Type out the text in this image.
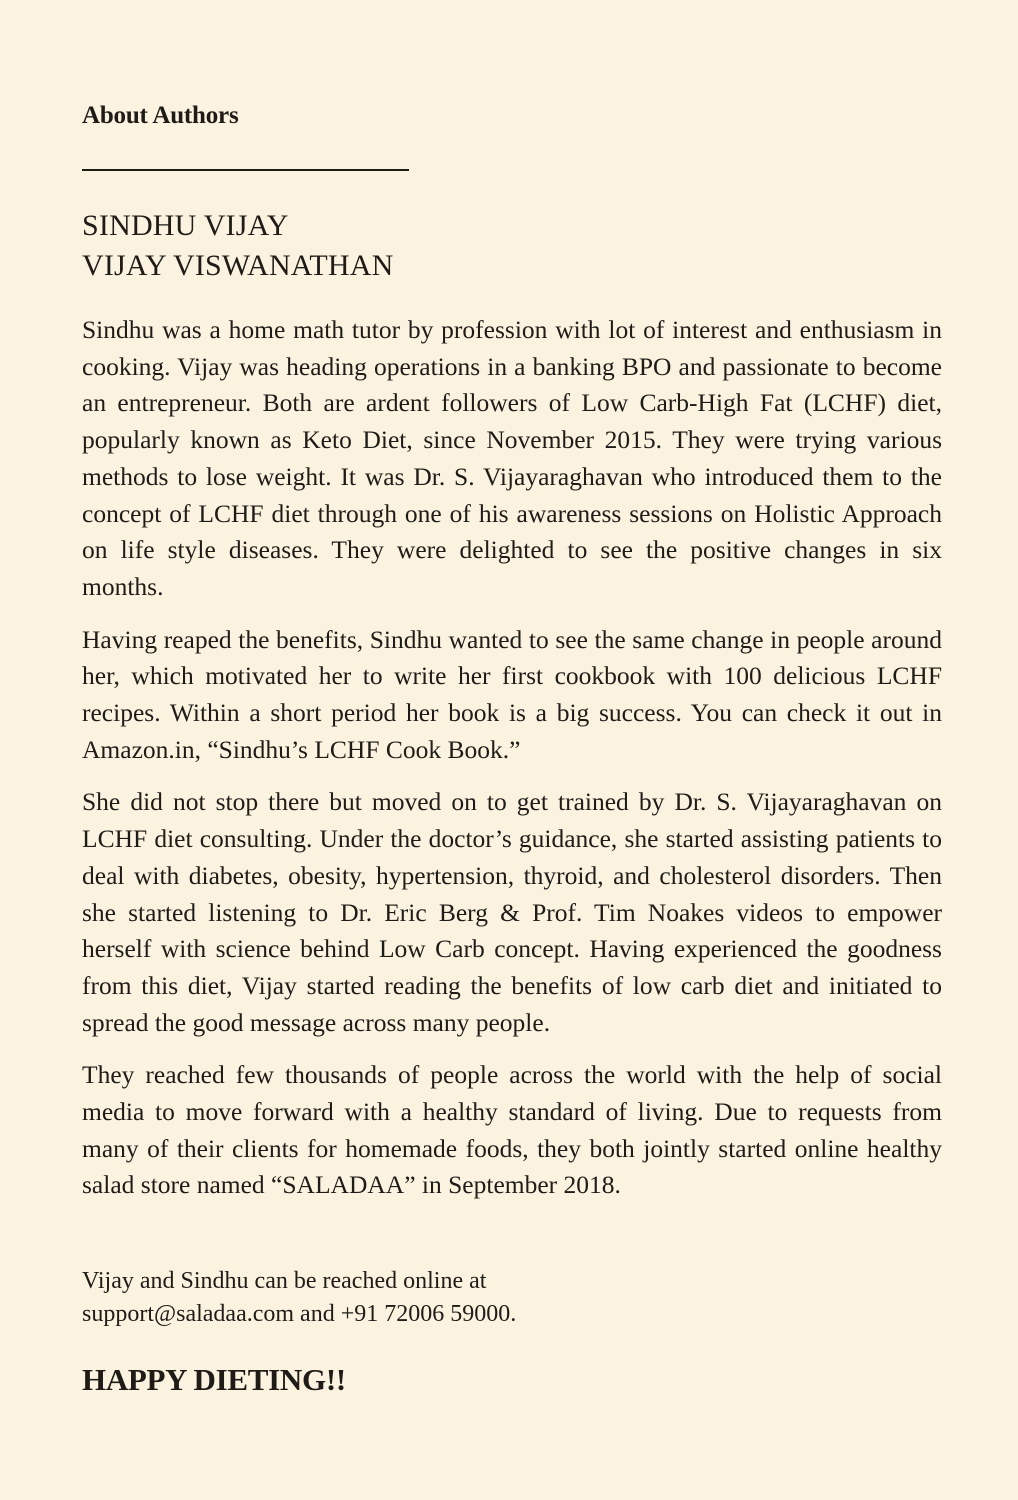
About Authors
SINDHU VIJAY
VIJAY VISWANATHAN

Sindhu was a home math tutor by profession with lot of interest and enthusiasm in cooking. Vijay was heading operations in a banking BPO and passionate to become an entrepreneur. Both are ardent followers of Low Carb-High Fat (LCHF) diet, popularly known as Keto Diet, since November 2015. They were trying various methods to lose weight. It was Dr. S. Vijayaraghavan who introduced them to the concept of LCHF diet through one of his awareness sessions on Holistic Approach on life style diseases. They were delighted to see the positive changes in six months.

Having reaped the benefits, Sindhu wanted to see the same change in people around her, which motivated her to write her first cookbook with 100 delicious LCHF recipes. Within a short period her book is a big success. You can check it out in Amazon.in, “Sindhu’s LCHF Cook Book.”

She did not stop there but moved on to get trained by Dr. S. Vijayaraghavan on LCHF diet consulting. Under the doctor’s guidance, she started assisting patients to deal with diabetes, obesity, hypertension, thyroid, and cholesterol disorders. Then she started listening to Dr. Eric Berg & Prof. Tim Noakes videos to empower herself with science behind Low Carb concept. Having experienced the goodness from this diet, Vijay started reading the benefits of low carb diet and initiated to spread the good message across many people.

They reached few thousands of people across the world with the help of social media to move forward with a healthy standard of living. Due to requests from many of their clients for homemade foods, they both jointly started online healthy salad store named “SALADAA” in September 2018.

Vijay and Sindhu can be reached online at
support@saladaa.com and +91 72006 59000.
HAPPY DIETING!!
